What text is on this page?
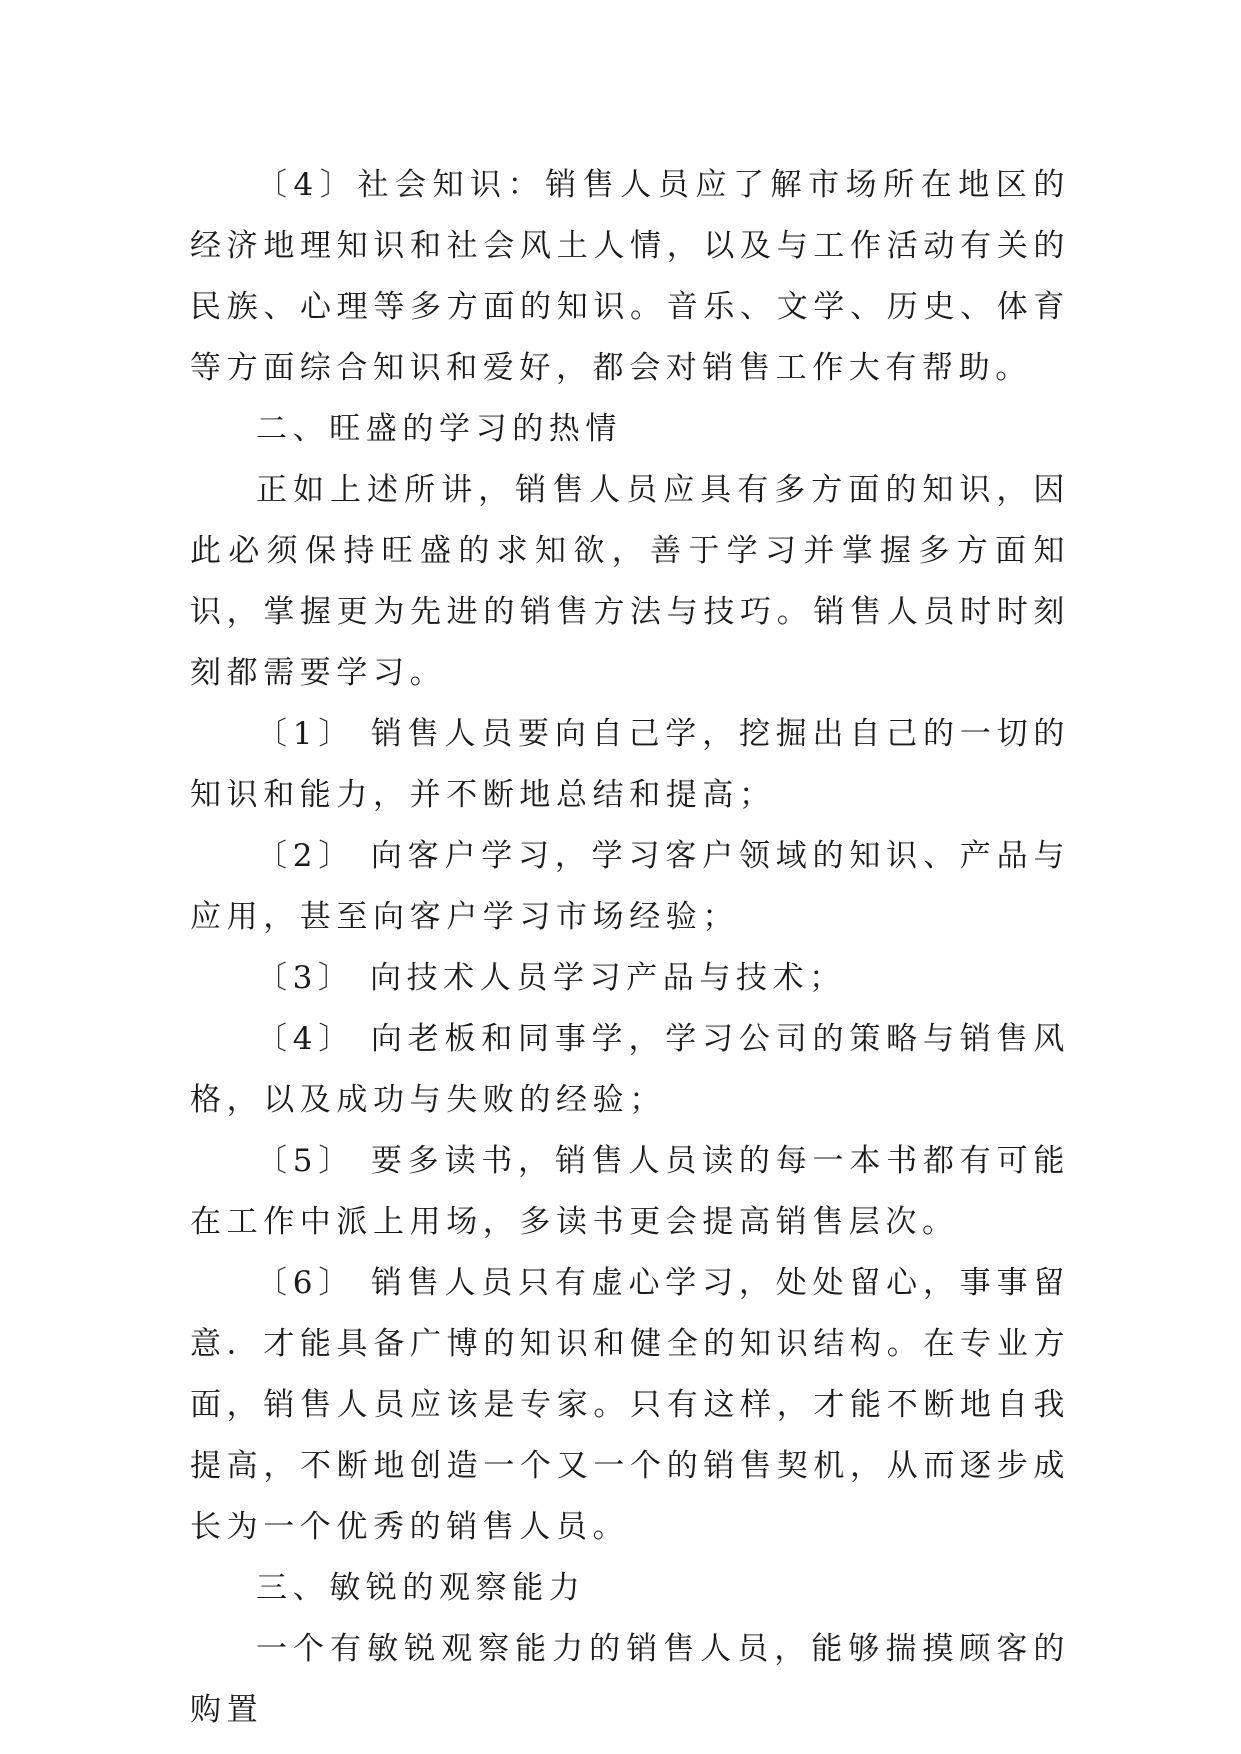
〔4〕社会知识：销售人员应了解市场所在地区的经济地理知识和社会风土人情，以及与工作活动有关的民族、心理等多方面的知识。音乐、文学、历史、体育等方面综合知识和爱好，都会对销售工作大有帮助。

二、旺盛的学习的热情

正如上述所讲，销售人员应具有多方面的知识，因此必须保持旺盛的求知欲，善于学习并掌握多方面知识，掌握更为先进的销售方法与技巧。销售人员时时刻刻都需要学习。

〔1〕 销售人员要向自己学，挖掘出自己的一切的知识和能力，并不断地总结和提高；

〔2〕 向客户学习，学习客户领域的知识、产品与应用，甚至向客户学习市场经验；

〔3〕 向技术人员学习产品与技术；

〔4〕 向老板和同事学，学习公司的策略与销售风格，以及成功与失败的经验；

〔5〕 要多读书，销售人员读的每一本书都有可能在工作中派上用场，多读书更会提高销售层次。

〔6〕 销售人员只有虚心学习，处处留心，事事留意．才能具备广博的知识和健全的知识结构。在专业方面，销售人员应该是专家。只有这样，才能不断地自我提高，不断地创造一个又一个的销售契机，从而逐步成长为一个优秀的销售人员。

三、敏锐的观察能力

一个有敏锐观察能力的销售人员，能够揣摸顾客的购置
